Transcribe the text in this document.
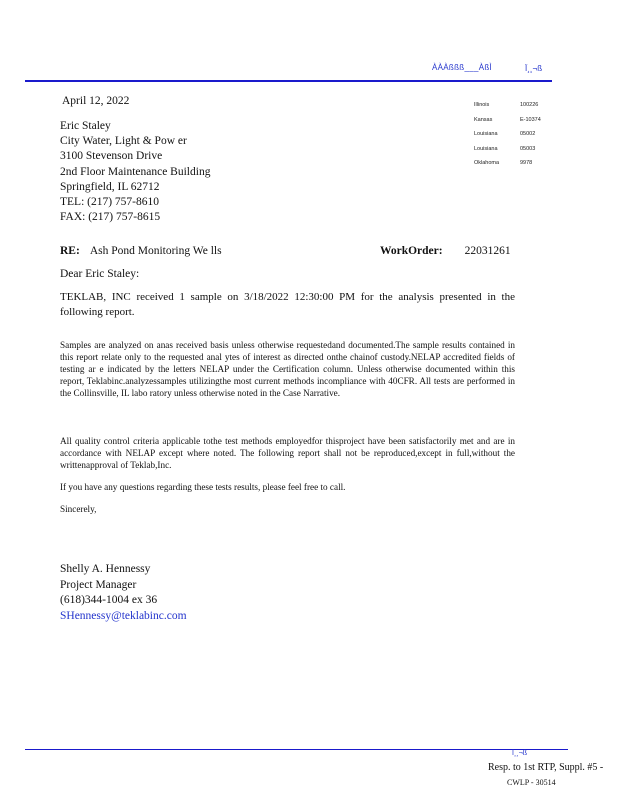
ÀÀÀßßß___ÀßÌ	Ï¸¸¬ß
Illinois	100226
Kansas	E-10374
Louisiana	05002
Louisiana	05003
Oklahoma	9978
April 12, 2022
Eric Staley
City Water, Light & Pow er
3100 Stevenson Drive
2nd Floor Maintenance Building
Springfield, IL 62712
TEL: (217) 757-8610
FAX: (217) 757-8615
RE: Ash Pond Monitoring We lls	WorkOrder: 22031261
Dear Eric Staley:
TEKLAB, INC received 1 sample on 3/18/2022 12:30:00 PM for the analysis presented in the following report.
Samples are analyzed on anas received basis unless otherwise requestedand documented.The sample results contained in this report relate only to the requested anal ytes of interest as directed onthe chainof custody.NELAP accredited fields of testing ar e indicated by the letters NELAP under the Certification column. Unless otherwise documented within this report, Teklabinc.analyzessamples utilizingthe most current methods incompliance with 40CFR. All tests are performed in the Collinsville, IL labo ratory unless otherwise noted in the Case Narrative.
All quality control criteria applicable tothe test methods employedfor thisproject have been satisfactorily met and are in accordance with NELAP except where noted. The following report shall not be reproduced,except in full,without the writtenapproval of Teklab,Inc.
If you have any questions regarding these tests results, please feel free to call.
Sincerely,
Shelly A. Hennessy
Project Manager
(618)344-1004 ex 36
SHennessy@teklabinc.com
Ï¸¸¬ß
Resp. to 1st RTP, Suppl. #5 -
CWLP - 30514
